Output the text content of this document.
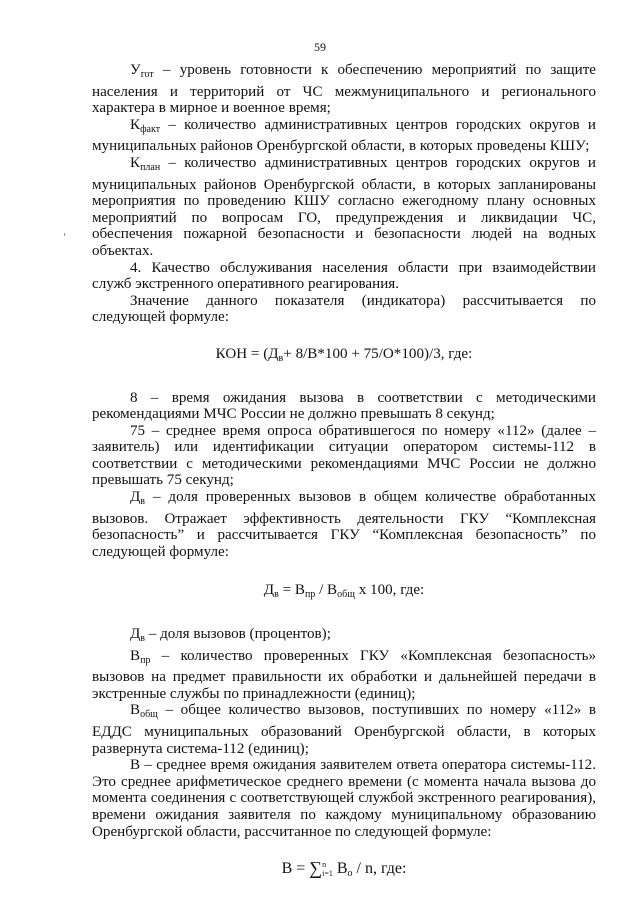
59

$У_{гот}$ – уровень готовности к обеспечению мероприятий по защите населения и территорий от ЧС межмуниципального и регионального характера в мирное и военное время;

$К_{факт}$ – количество административных центров городских округов и муниципальных районов Оренбургской области, в которых проведены КШУ;

$К_{план}$ – количество административных центров городских округов и муниципальных районов Оренбургской области, в которых запланированы мероприятия по проведению КШУ согласно ежегодному плану основных мероприятий по вопросам ГО, предупреждения и ликвидации ЧС, обеспечения пожарной безопасности и безопасности людей на водных объектах.

4. Качество обслуживания населения области при взаимодействии служб экстренного оперативного реагирования.

Значение данного показателя (индикатора) рассчитывается по следующей формуле:

КОН = $(Д_в+ 8/В*100 + 75/О*100)/3$, где:

8 – время ожидания вызова в соответствии с методическими рекомендациями МЧС России не должно превышать 8 секунд;

75 – среднее время опроса обратившегося по номеру «112» (далее – заявитель) или идентификации ситуации оператором системы-112 в соответствии с методическими рекомендациями МЧС России не должно превышать 75 секунд;

$Д_в$ – доля проверенных вызовов в общем количестве обработанных вызовов. Отражает эффективность деятельности ГКУ “Комплексная безопасность” и рассчитывается ГКУ “Комплексная безопасность” по следующей формуле:

$Д_в = В_{пр} / В_{общ}$ х 100, где:

$Д_в$ – доля вызовов (процентов);

$В_{пр}$ – количество проверенных ГКУ «Комплексная безопасность» вызовов на предмет правильности их обработки и дальнейшей передачи в экстренные службы по принадлежности (единиц);

$В_{общ}$ – общее количество вызовов, поступивших по номеру «112» в ЕДДС муниципальных образований Оренбургской области, в которых развернута система-112 (единиц);

В – среднее время ожидания заявителем ответа оператора системы-112. Это среднее арифметическое среднего времени (с момента начала вызова до момента соединения с соответствующей службой экстренного реагирования), времени ожидания заявителя по каждому муниципальному образованию Оренбургской области, рассчитанное по следующей формуле:

В = ∑ n
i=1 $В_о$ / n, где:
